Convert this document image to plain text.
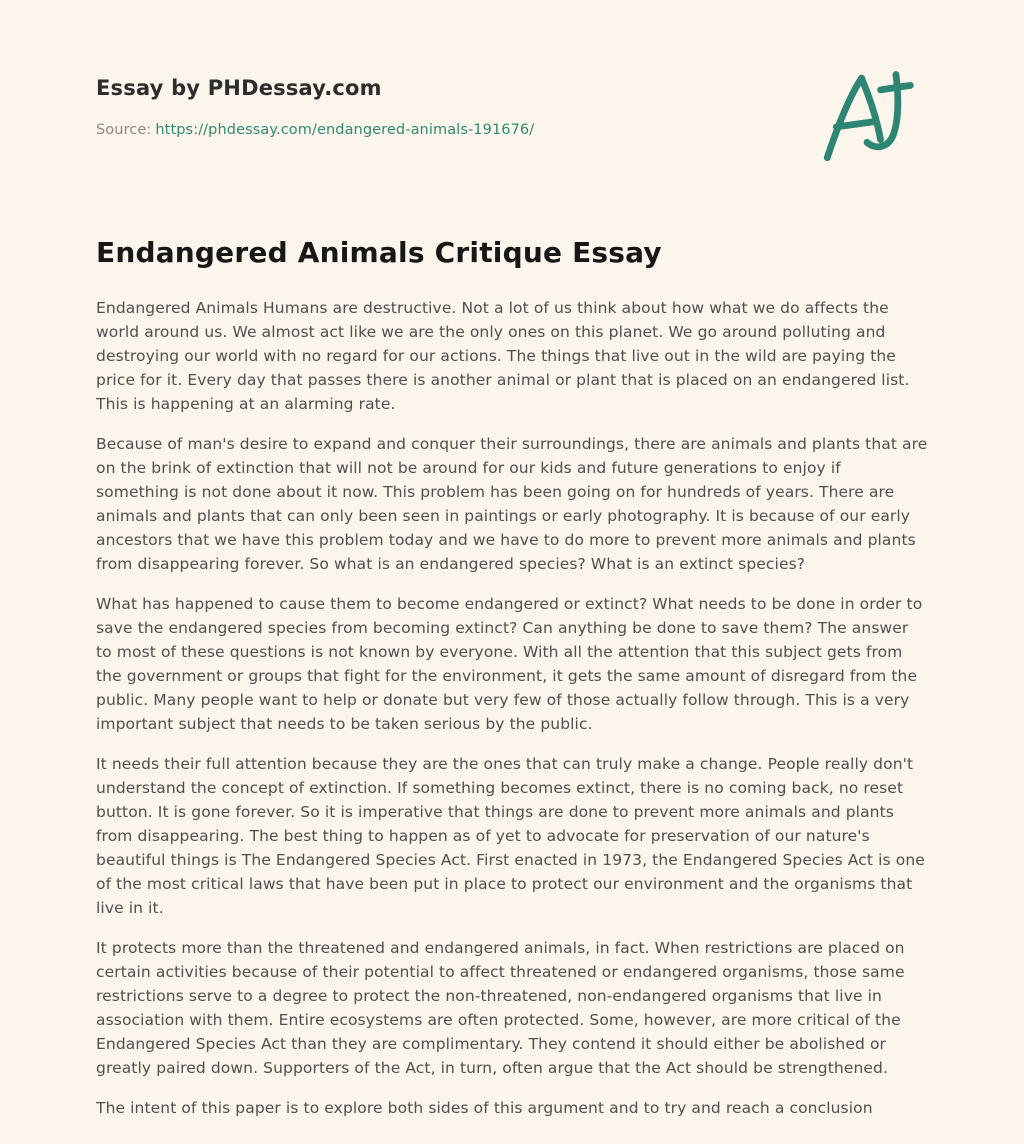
Essay by PHDessay.com
Source: https://phdessay.com/endangered-animals-191676/
Endangered Animals Critique Essay

Endangered Animals Humans are destructive. Not a lot of us think about how what we do affects the world around us. We almost act like we are the only ones on this planet. We go around polluting and destroying our world with no regard for our actions. The things that live out in the wild are paying the price for it. Every day that passes there is another animal or plant that is placed on an endangered list. This is happening at an alarming rate.

Because of man's desire to expand and conquer their surroundings, there are animals and plants that are on the brink of extinction that will not be around for our kids and future generations to enjoy if something is not done about it now. This problem has been going on for hundreds of years. There are animals and plants that can only been seen in paintings or early photography. It is because of our early ancestors that we have this problem today and we have to do more to prevent more animals and plants from disappearing forever. So what is an endangered species? What is an extinct species?

What has happened to cause them to become endangered or extinct? What needs to be done in order to save the endangered species from becoming extinct? Can anything be done to save them? The answer to most of these questions is not known by everyone. With all the attention that this subject gets from the government or groups that fight for the environment, it gets the same amount of disregard from the public. Many people want to help or donate but very few of those actually follow through. This is a very important subject that needs to be taken serious by the public.

It needs their full attention because they are the ones that can truly make a change. People really don't understand the concept of extinction. If something becomes extinct, there is no coming back, no reset button. It is gone forever. So it is imperative that things are done to prevent more animals and plants from disappearing. The best thing to happen as of yet to advocate for preservation of our nature's beautiful things is The Endangered Species Act. First enacted in 1973, the Endangered Species Act is one of the most critical laws that have been put in place to protect our environment and the organisms that live in it.

It protects more than the threatened and endangered animals, in fact. When restrictions are placed on certain activities because of their potential to affect threatened or endangered organisms, those same restrictions serve to a degree to protect the non-threatened, non-endangered organisms that live in association with them. Entire ecosystems are often protected. Some, however, are more critical of the Endangered Species Act than they are complimentary. They contend it should either be abolished or greatly paired down. Supporters of the Act, in turn, often argue that the Act should be strengthened.

The intent of this paper is to explore both sides of this argument and to try and reach a conclusion
